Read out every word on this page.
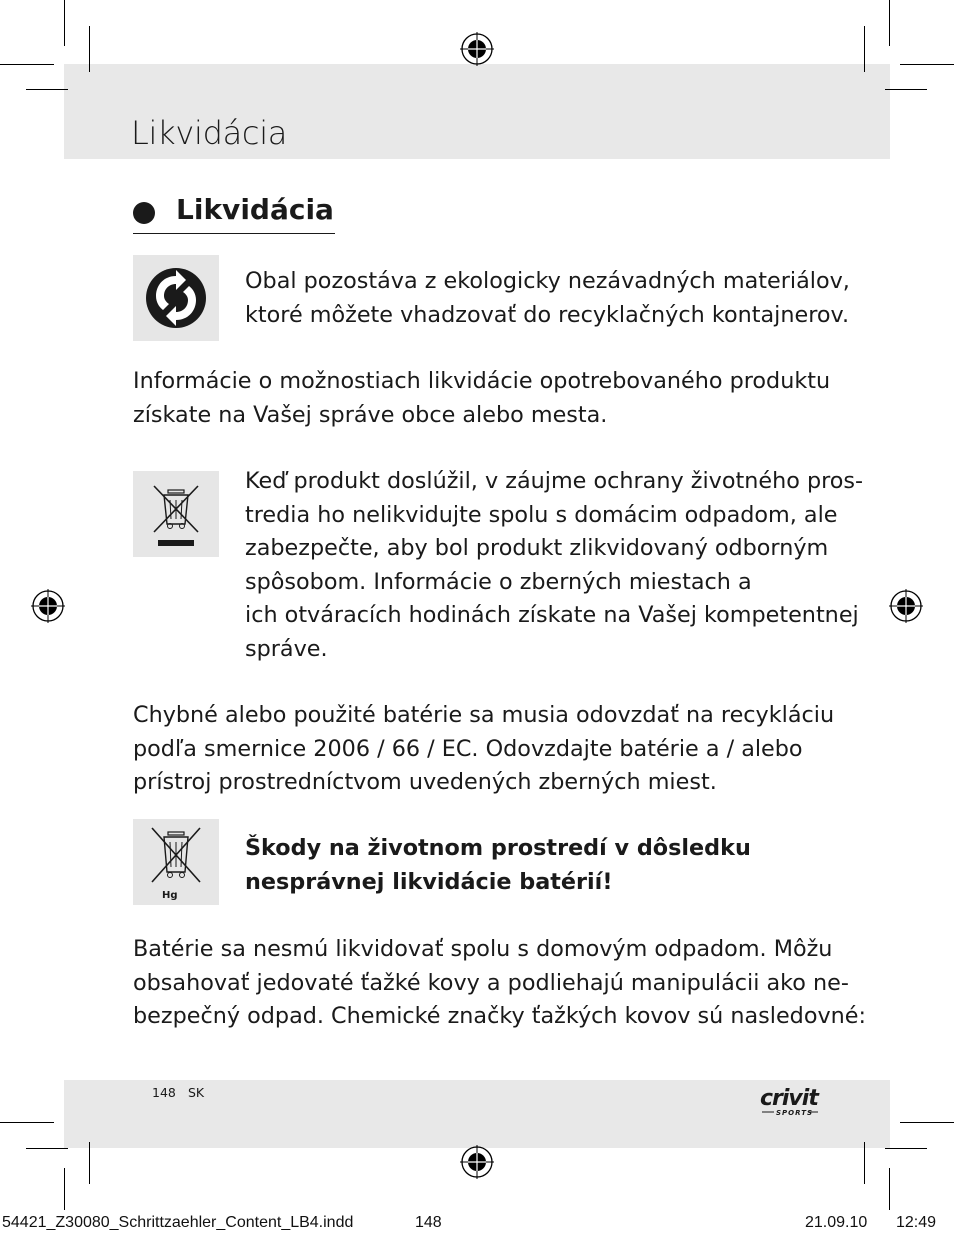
Likvidácia
Likvidácia

Obal pozostáva z ekologicky nezávadných materiálov,
ktoré môžete vhadzovať do recyklačných kontajnerov.

Informácie o možnostiach likvidácie opotrebovaného produktu
získate na Vašej správe obce alebo mesta.

Keď produkt doslúžil, v záujme ochrany životného pros-
tredia ho nelikvidujte spolu s domácim odpadom, ale
zabezpečte, aby bol produkt zlikvidovaný odborným
spôsobom. Informácie o zberných miestach a
ich otváracích hodinách získate na Vašej kompetentnej
správe.

Chybné alebo použité batérie sa musia odovzdať na recykláciu
podľa smernice 2006 / 66 / EC. Odovzdajte batérie a / alebo
prístroj prostredníctvom uvedených zberných miest.

Hg

Škody na životnom prostredí v dôsledku
nesprávnej likvidácie batérií!

Batérie sa nesmú likvidovať spolu s domovým odpadom. Môžu
obsahovať jedovaté ťažké kovy a podliehajú manipulácii ako ne-
bezpečný odpad. Chemické značky ťažkých kovov sú nasledovné:

148 SK	crivit
SPORTS
54421_Z30080_Schrittzaehler_Content_LB4.indd	148	21.09.10 12:49
